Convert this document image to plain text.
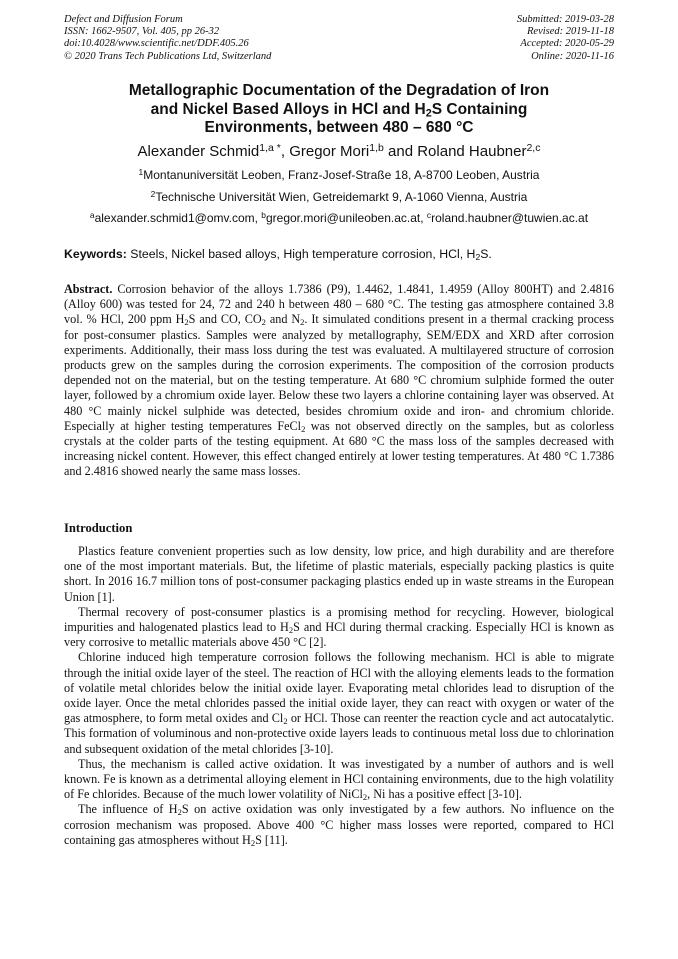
Defect and Diffusion Forum
ISSN: 1662-9507, Vol. 405, pp 26-32
doi:10.4028/www.scientific.net/DDF.405.26
© 2020 Trans Tech Publications Ltd, Switzerland
Submitted: 2019-03-28
Revised: 2019-11-18
Accepted: 2020-05-29
Online: 2020-11-16
Metallographic Documentation of the Degradation of Iron
and Nickel Based Alloys in HCl and $H_2S$ Containing
Environments, between 480 – 680 °C
Alexander Schmid$^{1,a *}$, Gregor Mori$^{1,b}$ and Roland Haubner$^{2,c}$
$^1$Montanuniversität Leoben, Franz-Josef-Straße 18, A-8700 Leoben, Austria
$^2$Technische Universität Wien, Getreidemarkt 9, A-1060 Vienna, Austria
$^a$alexander.schmid1@omv.com, $^b$gregor.mori@unileoben.ac.at, $^c$roland.haubner@tuwien.ac.at
Keywords: Steels, Nickel based alloys, High temperature corrosion, HCl, $H_2S$.
Abstract. Corrosion behavior of the alloys 1.7386 (P9), 1.4462, 1.4841, 1.4959 (Alloy 800HT) and 2.4816 (Alloy 600) was tested for 24, 72 and 240 h between 480 – 680 °C. The testing gas atmosphere contained 3.8 vol. % HCl, 200 ppm $H_2S$ and CO, $CO_2$ and $N_2$. It simulated conditions present in a thermal cracking process for post-consumer plastics. Samples were analyzed by metallography, SEM/EDX and XRD after corrosion experiments. Additionally, their mass loss during the test was evaluated. A multilayered structure of corrosion products grew on the samples during the corrosion experiments. The composition of the corrosion products depended not on the material, but on the testing temperature. At 680 °C chromium sulphide formed the outer layer, followed by a chromium oxide layer. Below these two layers a chlorine containing layer was observed. At 480 °C mainly nickel sulphide was detected, besides chromium oxide and iron- and chromium chloride. Especially at higher testing temperatures FeCl$_2$ was not observed directly on the samples, but as colorless crystals at the colder parts of the testing equipment. At 680 °C the mass loss of the samples decreased with increasing nickel content. However, this effect changed entirely at lower testing temperatures. At 480 °C 1.7386 and 2.4816 showed nearly the same mass losses.
Introduction

Plastics feature convenient properties such as low density, low price, and high durability and are therefore one of the most important materials. But, the lifetime of plastic materials, especially packing plastics is quite short. In 2016 16.7 million tons of post-consumer packaging plastics ended up in waste streams in the European Union [1].

Thermal recovery of post-consumer plastics is a promising method for recycling. However, biological impurities and halogenated plastics lead to $H_2S$ and HCl during thermal cracking. Especially HCl is known as very corrosive to metallic materials above 450 °C [2].

Chlorine induced high temperature corrosion follows the following mechanism. HCl is able to migrate through the initial oxide layer of the steel. The reaction of HCl with the alloying elements leads to the formation of volatile metal chlorides below the initial oxide layer. Evaporating metal chlorides lead to disruption of the oxide layer. Once the metal chlorides passed the initial oxide layer, they can react with oxygen or water of the gas atmosphere, to form metal oxides and $Cl_2$ or HCl. Those can reenter the reaction cycle and act autocatalytic. This formation of voluminous and non-protective oxide layers leads to continuous metal loss due to chlorination and subsequent oxidation of the metal chlorides [3-10].

Thus, the mechanism is called active oxidation. It was investigated by a number of authors and is well known. Fe is known as a detrimental alloying element in HCl containing environments, due to the high volatility of Fe chlorides. Because of the much lower volatility of NiCl$_2$, Ni has a positive effect [3-10].

The influence of $H_2S$ on active oxidation was only investigated by a few authors. No influence on the corrosion mechanism was proposed. Above 400 °C higher mass losses were reported, compared to HCl containing gas atmospheres without $H_2S$ [11].
